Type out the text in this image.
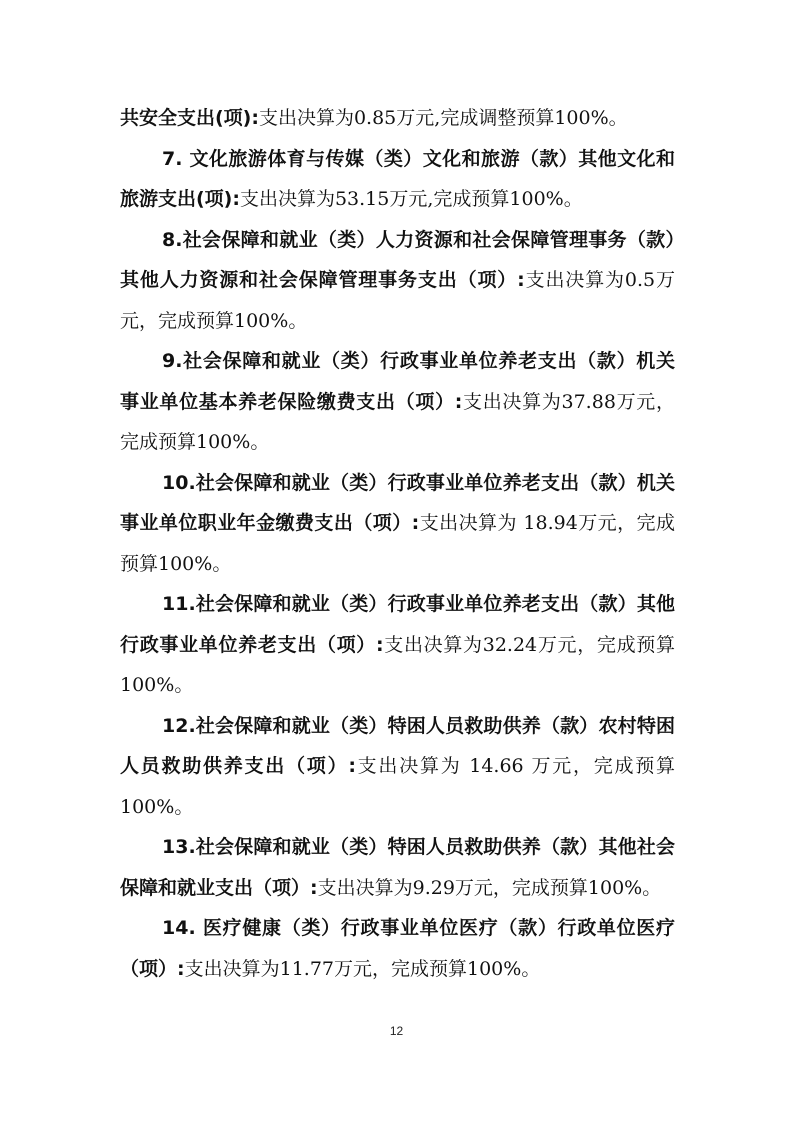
共安全支出(项):支出决算为0.85万元,完成调整预算100%。

7. 文化旅游体育与传媒（类）文化和旅游（款）其他文化和旅游支出(项):支出决算为53.15万元,完成预算100%。

8.社会保障和就业（类）人力资源和社会保障管理事务（款）其他人力资源和社会保障管理事务支出（项）:支出决算为0.5万元，完成预算100%。

9.社会保障和就业（类）行政事业单位养老支出（款）机关事业单位基本养老保险缴费支出（项）:支出决算为37.88万元，完成预算100%。

10.社会保障和就业（类）行政事业单位养老支出（款）机关事业单位职业年金缴费支出（项）:支出决算为 18.94万元，完成预算100%。

11.社会保障和就业（类）行政事业单位养老支出（款）其他行政事业单位养老支出（项）:支出决算为32.24万元，完成预算100%。

12.社会保障和就业（类）特困人员救助供养（款）农村特困人员救助供养支出（项）:支出决算为 14.66 万元，完成预算100%。

13.社会保障和就业（类）特困人员救助供养（款）其他社会保障和就业支出（项）:支出决算为9.29万元，完成预算100%。

14. 医疗健康（类）行政事业单位医疗（款）行政单位医疗（项）:支出决算为11.77万元，完成预算100%。

12
